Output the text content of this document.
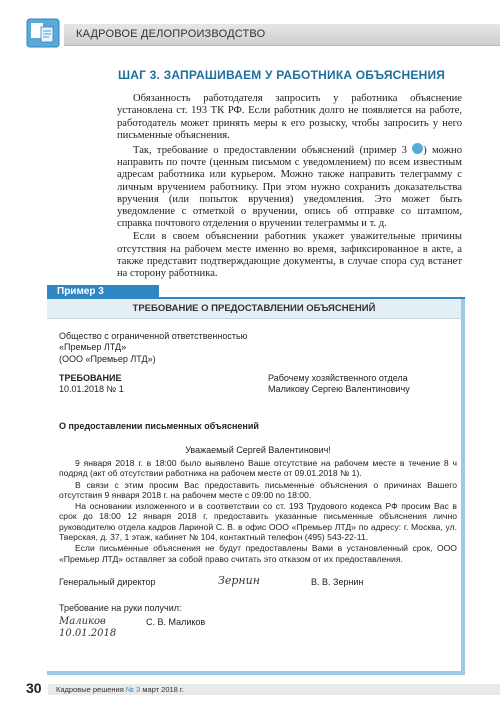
КАДРОВОЕ ДЕЛОПРОИЗВОДСТВО
ШАГ 3. ЗАПРАШИВАЕМ У РАБОТНИКА ОБЪЯСНЕНИЯ

Обязанность работодателя запросить у работника объяснение установлена ст. 193 ТК РФ. Если работник долго не появляется на работе, работодатель может принять меры к его розыску, чтобы запросить у него письменные объяснения.

Так, требование о предоставлении объяснений (пример 3 ) можно направить по почте (ценным письмом с уведомлением) по всем известным адресам работника или курьером. Можно также направить телеграмму с личным вручением работнику. При этом нужно сохранить доказательства вручения (или попыток вручения) уведомления. Это может быть уведомление с отметкой о вручении, опись об отправке со штампом, справка почтового отделения о вручении телеграммы и т. д.

Если в своем объяснении работник укажет уважительные причины отсутствия на рабочем месте именно во время, зафиксированное в акте, а также представит подтверждающие документы, в случае спора суд встанет на сторону работника.

Пример 3
ТРЕБОВАНИЕ О ПРЕДОСТАВЛЕНИИ ОБЪЯСНЕНИЙ
Общество с ограниченной ответственностью
«Премьер ЛТД»
(ООО «Премьер ЛТД»)
ТРЕБОВАНИЕ
10.01.2018 № 1
Рабочему хозяйственного отдела
Маликову Сергею Валентиновичу
О предоставлении письменных объяснений
Уважаемый Сергей Валентинович!

9 января 2018 г. в 18:00 было выявлено Ваше отсутствие на рабочем месте в течение 8 ч подряд (акт об отсутствии работника на рабочем месте от 09.01.2018 № 1).

В связи с этим просим Вас предоставить письменные объяснения о причинах Вашего отсутствия 9 января 2018 г. на рабочем месте с 09:00 по 18:00.

На основании изложенного и в соответствии со ст. 193 Трудового кодекса РФ просим Вас в срок до 18:00 12 января 2018 г. предоставить указанные письменные объяснения лично руководителю отдела кадров Лариной С. В. в офис ООО «Премьер ЛТД» по адресу: г. Москва, ул. Тверская, д. 37, 1 этаж, кабинет № 104, контактный телефон (495) 543-22-11.

Если письменные объяснения не будут предоставлены Вами в установленный срок, ООО «Премьер ЛТД» оставляет за собой право считать это отказом от их предоставления.

Генеральный директор	Зернин	В. В. Зернин
Требование на руки получил:
Маликов	С. В. Маликов
10.01.2018
30 Кадровые решения № 3 март 2018 г.
